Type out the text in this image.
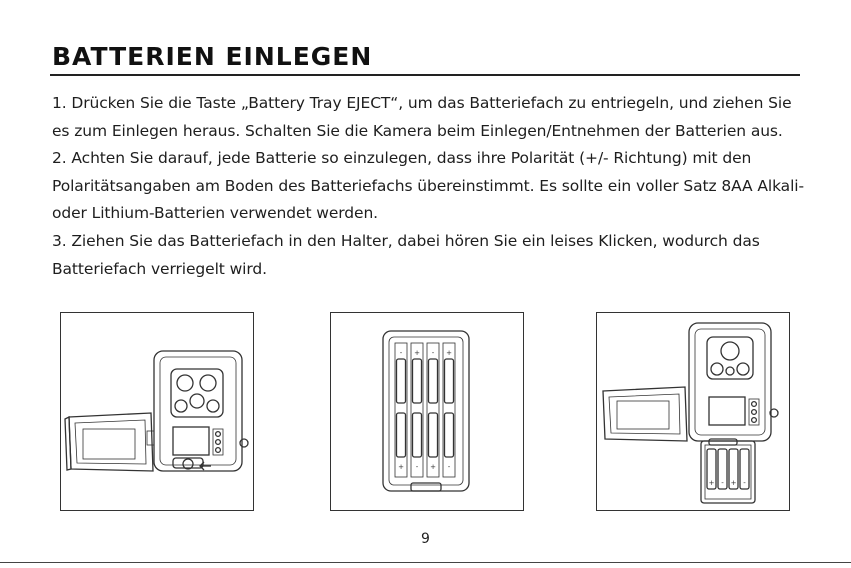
BATTERIEN EINLEGEN

1. Drücken Sie die Taste „Battery Tray EJECT“, um das Batteriefach zu entriegeln, und ziehen Sie es zum Einlegen heraus. Schalten Sie die Kamera beim Einlegen/Entnehmen der Batterien aus.

2. Achten Sie darauf, jede Batterie so einzulegen, dass ihre Polarität (+/- Richtung) mit den Polaritätsangaben am Boden des Batteriefachs übereinstimmt. Es sollte ein voller Satz 8AA Alkali- oder Lithium-Batterien verwendet werden.

3. Ziehen Sie das Batteriefach in den Halter, dabei hören Sie ein leises Klicken, wodurch das Batteriefach verriegelt wird.

- + - +
+ - + -
+ - + -
9
